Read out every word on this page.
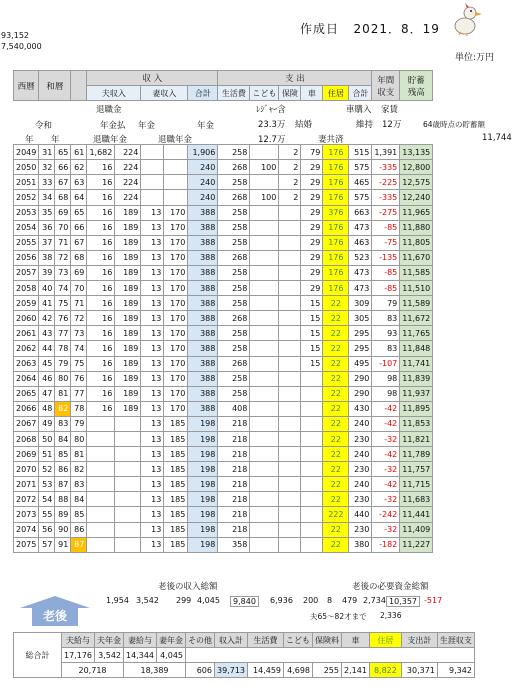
93,152
7,540,000
作成日 2021．8．19
単位:万円
西暦	和暦			収 入					支 出						年間
収支	貯蓄
残高
				夫収入		妻収入		合計	生活費	こども	保険	車	住居	合計		

2049	31	65	61	1,682	224			1,906	258		2	79	176	515	1,391	13,135
2050	32	66	62	16	224			240	268	100	2	29	176	575	-335	12,800
2051	33	67	63	16	224			240	258		2	29	176	465	-225	12,575
2052	34	68	64	16	224			240	268	100	2	29	176	575	-335	12,240
2053	35	69	65	16	189	13	170	388	258			29	376	663	-275	11,965
2054	36	70	66	16	189	13	170	388	258			29	176	473	-85	11,880
2055	37	71	67	16	189	13	170	388	258			29	176	463	-75	11,805
2056	38	72	68	16	189	13	170	388	268			29	176	523	-135	11,670
2057	39	73	69	16	189	13	170	388	258			29	176	473	-85	11,585
2058	40	74	70	16	189	13	170	388	258			29	176	473	-85	11,510
2059	41	75	71	16	189	13	170	388	258			15	22	309	79	11,589
2060	42	76	72	16	189	13	170	388	268			15	22	305	83	11,672
2061	43	77	73	16	189	13	170	388	258			15	22	295	93	11,765
2062	44	78	74	16	189	13	170	388	258			15	22	295	83	11,848
2063	45	79	75	16	189	13	170	388	268			15	22	495	-107	11,741
2064	46	80	76	16	189	13	170	388	258				22	290	98	11,839
2065	47	81	77	16	189	13	170	388	258				22	290	98	11,937
2066	48	82	78	16	189	13	170	388	408				22	430	-42	11,895
2067	49	83	79			13	185	198	218				22	240	-42	11,853
2068	50	84	80			13	185	198	218				22	230	-32	11,821
2069	51	85	81			13	185	198	218				22	240	-42	11,789
2070	52	86	82			13	185	198	218				22	230	-32	11,757
2071	53	87	83			13	185	198	218				22	240	-42	11,715
2072	54	88	84			13	185	198	218				22	230	-32	11,683
2073	55	89	85			13	185	198	218				222	440	-242	11,441
2074	56	90	86			13	185	198	218				22	230	-32	11,409
2075	57	91	87			13	185	198	358				22	380	-182	11,227
退職金
令和	年金払 年金	年金
年 年	退職年金	退職年金
ﾚｼﾞｬｰ含
23.3万 結婚
12.7万	妻共済
車購入
維持
家賃
12万	64歳時点の貯蓄額
11,744
老後
老後の収入総額	老後の必要資金総額
1,954 3,542 299 4,045	9,840	6,936 200 8 479 2,734 10,357 -517
夫65～82才まで 2,336
総合計	夫給与	夫年金	妻給与	妻年金	その他	収入計	生活費	こども	保険料	車	住居	支出計	生涯収支
	17,176	3,542	14,344	4,045									
	20,718		18,389		606	39,713	14,459	4,698	255	2,141	8,822	30,371	9,342
